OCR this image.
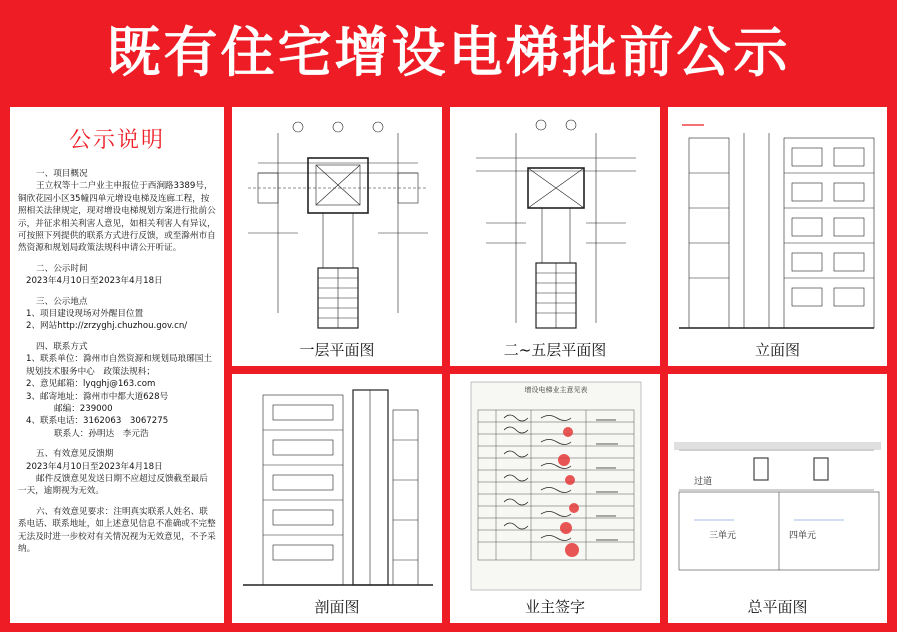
既有住宅增设电梯批前公示
公示说明

一、项目概况

王立权等十二户业主申报位于西涧路3389号，铜欣花园小区35幢四单元增设电梯及连廊工程，按照相关法律规定，现对增设电梯规划方案进行批前公示，并征求相关利害人意见，如相关利害人有异议，可按照下列提供的联系方式进行反馈，或至滁州市自然资源和规划局政策法规科申请公开听证。

二、公示时间

2023年4月10日至2023年4月18日

三、公示地点

1、项目建设现场对外醒目位置

2、网站http://zrzyghj.chuzhou.gov.cn/

四、联系方式

1、联系单位：滁州市自然资源和规划局琅琊国土规划技术服务中心　政策法规科；

2、意见邮箱：lyqghj@163.com

3、邮寄地址：滁州市中都大道628号

邮编：239000

4、联系电话：3162063　3067275

联系人：孙明达　李元浩

五、有效意见反馈期

2023年4月10日至2023年4月18日

邮件反馈意见发送日期不应超过反馈截至最后一天，逾期视为无效。

六、有效意见要求：注明真实联系人姓名、联系电话、联系地址，如上述意见信息不准确或不完整无法及时进一步校对有关情况视为无效意见，不予采纳。

一层平面图	二~五层平面图	立面图
剖面图
增设电梯业主意见表
业主签字
过道
三单元	四单元
总平面图
